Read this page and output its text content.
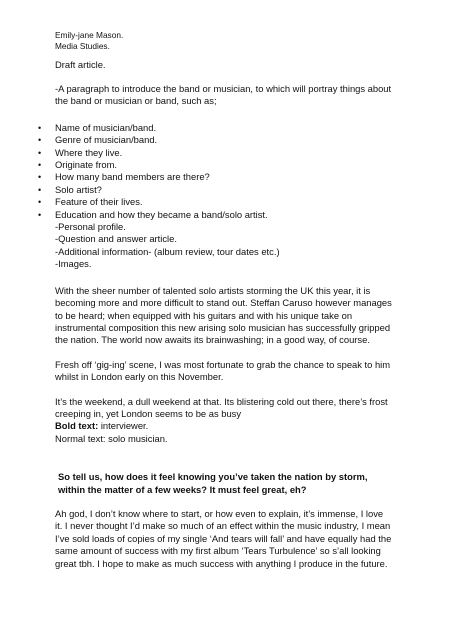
Emily-jane Mason.
Media Studies.
Draft article.

-A paragraph to introduce the band or musician, to which will portray things about the band or musician or band, such as;

• Name of musician/band.
• Genre of musician/band.
• Where they live.
• Originate from.
• How many band members are there?
• Solo artist?
• Feature of their lives.
• Education and how they became a band/solo artist.
-Personal profile.
-Question and answer article.
-Additional information- (album review, tour dates etc.)
-Images.

With the sheer number of talented solo artists storming the UK this year, it is becoming more and more difficult to stand out. Steffan Caruso however manages to be heard; when equipped with his guitars and with his unique take on instrumental composition this new arising solo musician has successfully gripped the nation. The world now awaits its brainwashing; in a good way, of course.

Fresh off ‘gig-ing’ scene, I was most fortunate to grab the chance to speak to him whilst in London early on this November.

It’s the weekend, a dull weekend at that. Its blistering cold out there, there’s frost creeping in, yet London seems to be as busy

Bold text: interviewer.

Normal text: solo musician.

So tell us, how does it feel knowing you’ve taken the nation by storm, within the matter of a few weeks? It must feel great, eh?

Ah god, I don’t know where to start, or how even to explain, it’s immense, I love it. I never thought I’d make so much of an effect within the music industry, I mean I’ve sold loads of copies of my single ‘And tears will fall’ and have equally had the same amount of success with my first album ‘Tears Turbulence’ so s’all looking great tbh. I hope to make as much success with anything I produce in the future.
